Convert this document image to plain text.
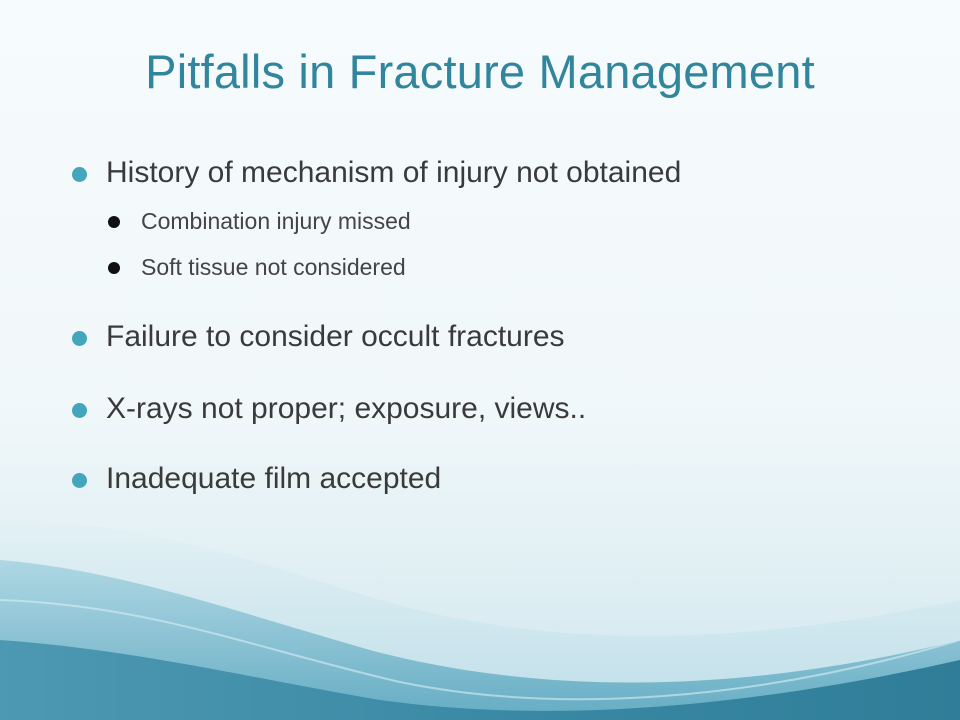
Pitfalls in Fracture Management
History of mechanism of injury not obtained
Combination injury missed
Soft tissue not considered
Failure to consider occult fractures
X-rays not proper; exposure, views..
Inadequate film accepted
